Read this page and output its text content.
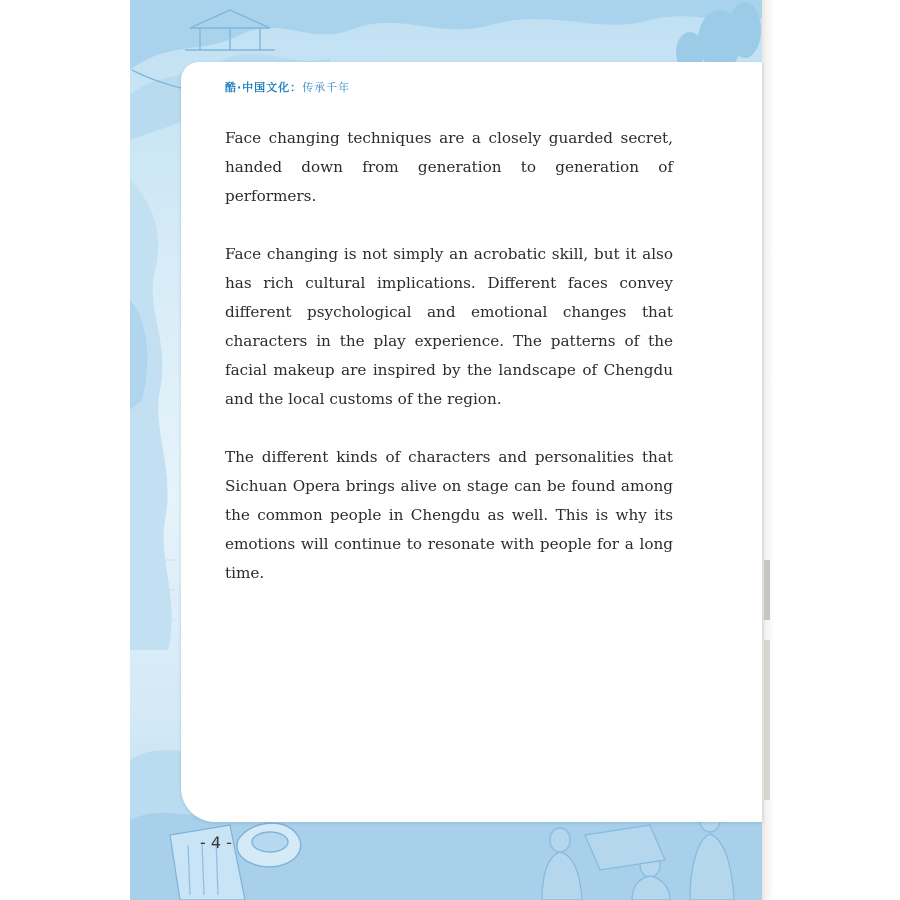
酷·中国文化：传承千年

Face changing techniques are a closely guarded secret, handed down from generation to generation of performers.

Face changing is not simply an acrobatic skill, but it also has rich cultural implications. Different faces convey different psychological and emotional changes that characters in the play experience. The patterns of the facial makeup are inspired by the landscape of Chengdu and the local customs of the region.

The different kinds of characters and personalities that Sichuan Opera brings alive on stage can be found among the common people in Chengdu as well. This is why its emotions will continue to resonate with people for a long time.

- 4 -
